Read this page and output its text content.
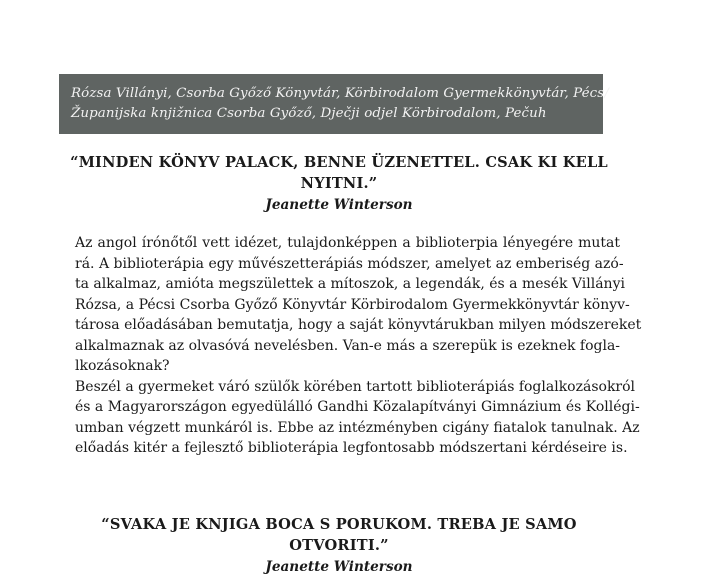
Rózsa Villányi, Csorba Győző Könyvtár, Körbirodalom Gyermekkönyvtár, Pécs/
Županijska knjižnica Csorba Győző, Dječji odjel Körbirodalom, Pečuh
“MINDEN KÖNYV PALACK, BENNE ÜZENETTEL. CSAK KI KELL
NYITNI.”
Jeanette Winterson
Az angol írónőtől vett idézet, tulajdonképpen a biblioterpia lényegére mutat
rá. A biblioterápia egy művészetterápiás módszer, amelyet az emberiség azó-
ta alkalmaz, amióta megszülettek a mítoszok, a legendák, és a mesék Villányi
Rózsa, a Pécsi Csorba Győző Könyvtár Körbirodalom Gyermekkönyvtár könyv-
tárosa előadásában bemutatja, hogy a saját könyvtárukban milyen módszereket
alkalmaznak az olvasóvá nevelésben. Van-e más a szerepük is ezeknek fogla-
lkozásoknak?
Beszél a gyermeket váró szülők körében tartott biblioterápiás foglalkozásokról
és a Magyarországon egyedülálló Gandhi Közalapítványi Gimnázium és Kollégi-
umban végzett munkáról is. Ebbe az intézményben cigány fiatalok tanulnak. Az
előadás kitér a fejlesztő biblioterápia legfontosabb módszertani kérdéseire is.
“SVAKA JE KNJIGA BOCA S PORUKOM. TREBA JE SAMO OTVORITI.”
Jeanette Winterson
